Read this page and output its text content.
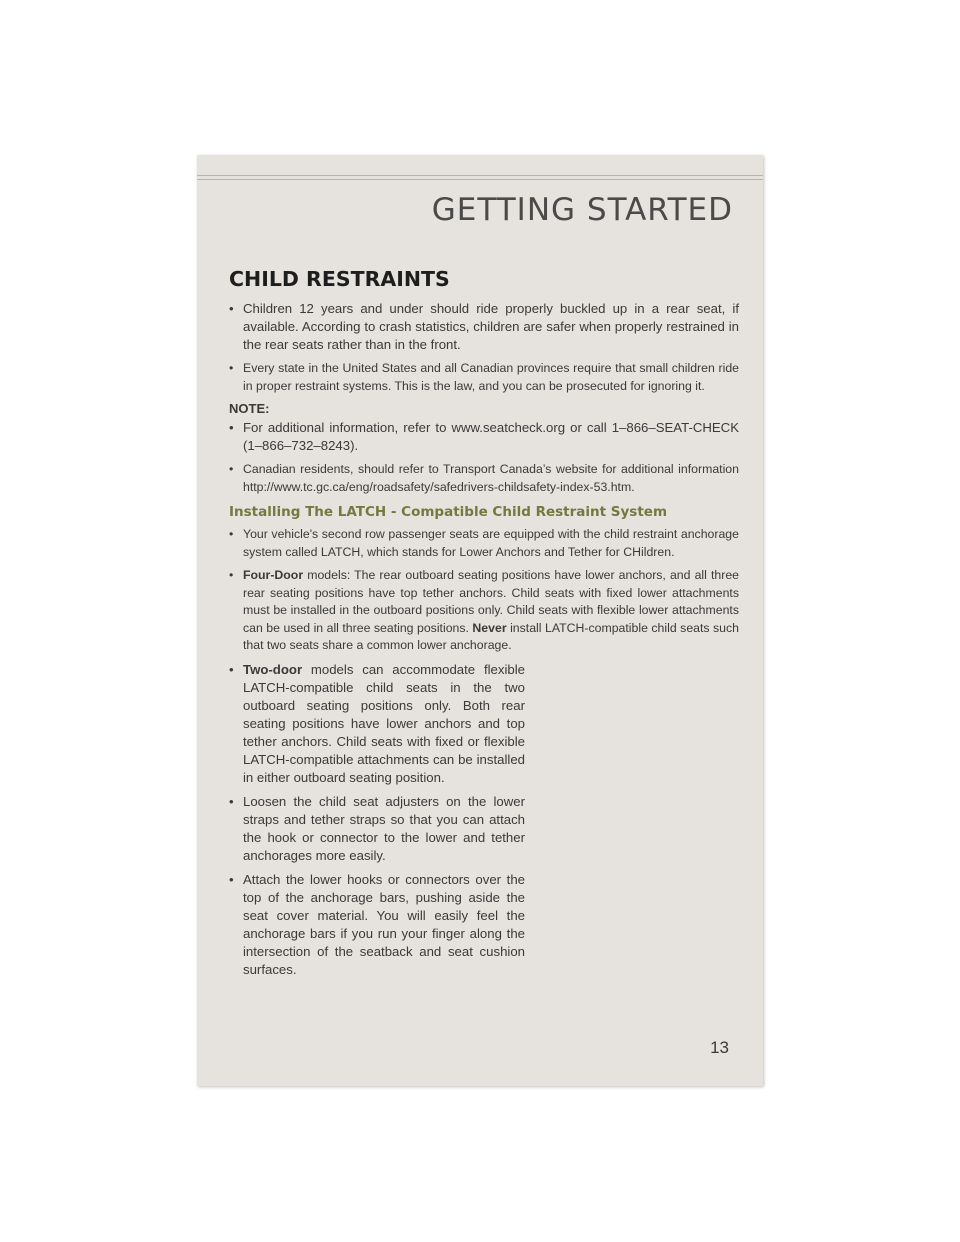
GETTING STARTED

CHILD RESTRAINTS

• Children 12 years and under should ride properly buckled up in a rear seat, if available. According to crash statistics, children are safer when properly restrained in the rear seats rather than in the front.

• Every state in the United States and all Canadian provinces require that small children ride in proper restraint systems. This is the law, and you can be prosecuted for ignoring it.

NOTE:

• For additional information, refer to www.seatcheck.org or call 1–866–SEAT-CHECK (1–866–732–8243).

• Canadian residents, should refer to Transport Canada’s website for additional information http://www.tc.gc.ca/eng/roadsafety/safedrivers-childsafety-index-53.htm.

Installing The LATCH - Compatible Child Restraint System

• Your vehicle's second row passenger seats are equipped with the child restraint anchorage system called LATCH, which stands for Lower Anchors and Tether for CHildren.

• Four-Door models: The rear outboard seating positions have lower anchors, and all three rear seating positions have top tether anchors. Child seats with fixed lower attachments must be installed in the outboard positions only. Child seats with flexible lower attachments can be used in all three seating positions. Never install LATCH-compatible child seats such that two seats share a common lower anchorage.

• Two-door models can accommodate flexible LATCH-compatible child seats in the two outboard seating positions only. Both rear seating positions have lower anchors and top tether anchors. Child seats with fixed or flexible LATCH-compatible attachments can be installed in either outboard seating position.

• Loosen the child seat adjusters on the lower straps and tether straps so that you can attach the hook or connector to the lower and tether anchorages more easily.

• Attach the lower hooks or connectors over the top of the anchorage bars, pushing aside the seat cover material. You will easily feel the anchorage bars if you run your finger along the intersection of the seatback and seat cushion surfaces.

13
